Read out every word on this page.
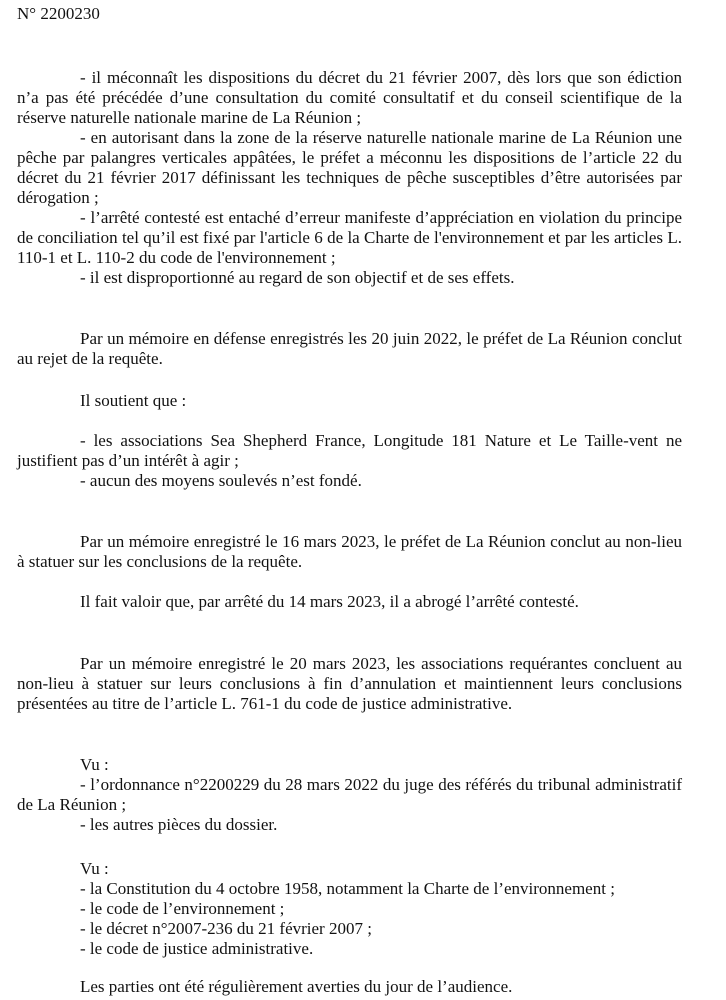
N° 2200230

- il méconnaît les dispositions du décret du 21 février 2007, dès lors que son édiction n’a pas été précédée d’une consultation du comité consultatif et du conseil scientifique de la réserve naturelle nationale marine de La Réunion ;

- en autorisant dans la zone de la réserve naturelle nationale marine de La Réunion une pêche par palangres verticales appâtées, le préfet a méconnu les dispositions de l’article 22 du décret du 21 février 2017 définissant les techniques de pêche susceptibles d’être autorisées par dérogation ;

- l’arrêté contesté est entaché d’erreur manifeste d’appréciation en violation du principe de conciliation tel qu’il est fixé par l'article 6 de la Charte de l'environnement et par les articles L. 110-1 et L. 110-2 du code de l'environnement ;

- il est disproportionné au regard de son objectif et de ses effets.

Par un mémoire en défense enregistrés les 20 juin 2022, le préfet de La Réunion conclut au rejet de la requête.

Il soutient que :

- les associations Sea Shepherd France, Longitude 181 Nature et Le Taille-vent ne justifient pas d’un intérêt à agir ;

- aucun des moyens soulevés n’est fondé.

Par un mémoire enregistré le 16 mars 2023, le préfet de La Réunion conclut au non-lieu à statuer sur les conclusions de la requête.

Il fait valoir que, par arrêté du 14 mars 2023, il a abrogé l’arrêté contesté.

Par un mémoire enregistré le 20 mars 2023, les associations requérantes concluent au non-lieu à statuer sur leurs conclusions à fin d’annulation et maintiennent leurs conclusions présentées au titre de l’article L. 761-1 du code de justice administrative.

Vu :

- l’ordonnance n°2200229 du 28 mars 2022 du juge des référés du tribunal administratif de La Réunion ;

- les autres pièces du dossier.

Vu :

- la Constitution du 4 octobre 1958, notamment la Charte de l’environnement ;

- le code de l’environnement ;

- le décret n°2007-236 du 21 février 2007 ;

- le code de justice administrative.

Les parties ont été régulièrement averties du jour de l’audience.
